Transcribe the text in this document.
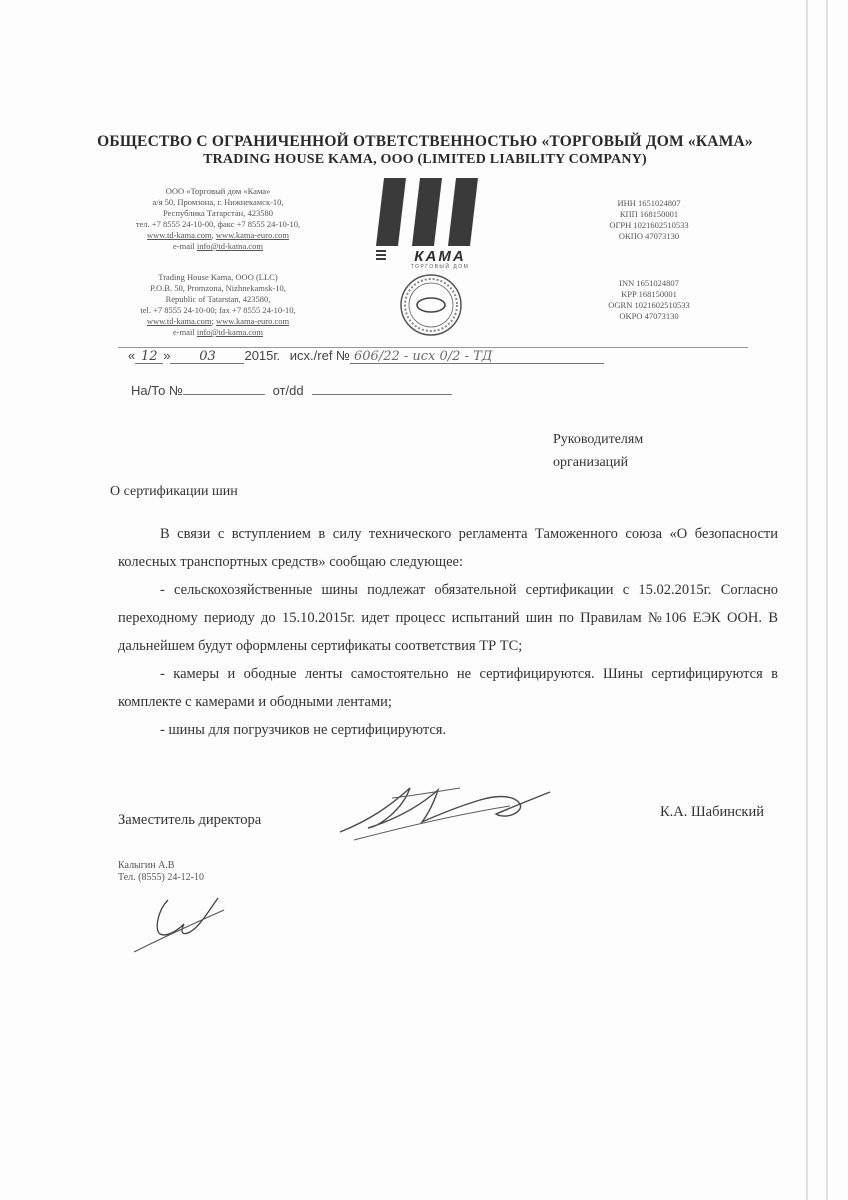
ОБЩЕСТВО С ОГРАНИЧЕННОЙ ОТВЕТСТВЕННОСТЬЮ «ТОРГОВЫЙ ДОМ «КАМА»
TRADING HOUSE KAMA, OOO (LIMITED LIABILITY COMPANY)
ООО «Торговый дом «Кама»
а/я 50, Промзона, г. Нижнекамск-10,
Республика Татарстан, 423580
тел. +7 8555 24-10-00, факс +7 8555 24-10-10,
www.td-kama.com, www.kama-euro.com
e-mail info@td-kama.com
Trading House Kama, OOO (LLC)
P.O.B. 50, Promzona, Nizhnekamsk-10,
Republic of Tatarstan, 423580,
tel. +7 8555 24-10-00; fax +7 8555 24-10-10,
www.td-kama.com; www.kama-euro.com
e-mail info@td-kama.com
КАМА
ТОРГОВЫЙ ДОМ
ИНН 1651024807
КПП 168150001
ОГРН 1021602510533
ОКПО 47073130
INN 1651024807
KPP 168150001
OGRN 1021602510533
OKPO 47073130
« 12 » 03 2015г. исх./ref № 606/22 - исх 0/2 - ТД
На/То №	от/dd
Руководителям
организаций
О сертификации шин

В связи с вступлением в силу технического регламента Таможенного союза «О безопасности колесных транспортных средств» сообщаю следующее:

- сельскохозяйственные шины подлежат обязательной сертификации с 15.02.2015г. Согласно переходному периоду до 15.10.2015г. идет процесс испытаний шин по Правилам №106 ЕЭК ООН. В дальнейшем будут оформлены сертификаты соответствия ТР ТС;

- камеры и ободные ленты самостоятельно не сертифицируются. Шины сертифицируются в комплекте с камерами и ободными лентами;

- шины для погрузчиков не сертифицируются.

Заместитель директора	К.А. Шабинский
Калыгин А.В
Тел. (8555) 24-12-10
